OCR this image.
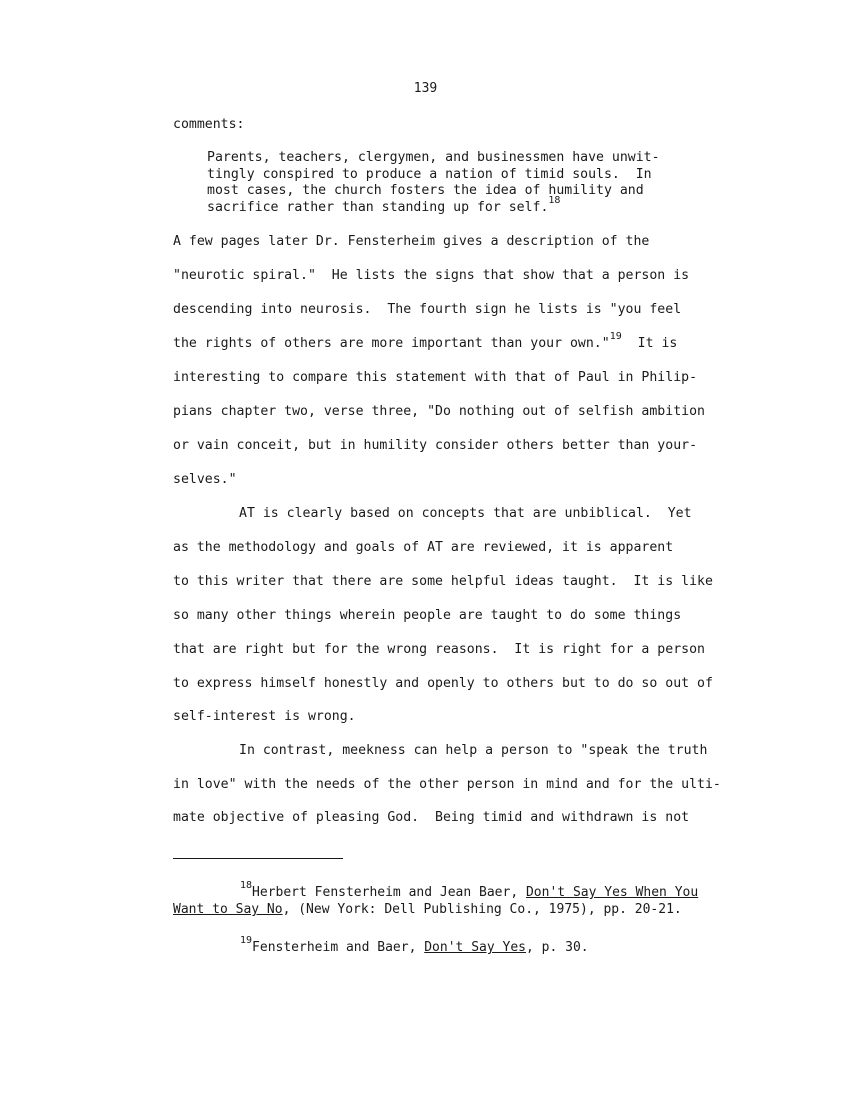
139
comments:
Parents, teachers, clergymen, and businessmen have unwit-
tingly conspired to produce a nation of timid souls.  In
most cases, the church fosters the idea of humility and
sacrifice rather than standing up for self.$^{18}$
A few pages later Dr. Fensterheim gives a description of the
"neurotic spiral."  He lists the signs that show that a person is
descending into neurosis.  The fourth sign he lists is "you feel
the rights of others are more important than your own."$^{19}$ It is
interesting to compare this statement with that of Paul in Philip-
pians chapter two, verse three, "Do nothing out of selfish ambition
or vain conceit, but in humility consider others better than your-
selves."
AT is clearly based on concepts that are unbiblical.  Yet
as the methodology and goals of AT are reviewed, it is apparent
to this writer that there are some helpful ideas taught.  It is like
so many other things wherein people are taught to do some things
that are right but for the wrong reasons.  It is right for a person
to express himself honestly and openly to others but to do so out of
self-interest is wrong.
In contrast, meekness can help a person to "speak the truth
in love" with the needs of the other person in mind and for the ulti-
mate objective of pleasing God.  Being timid and withdrawn is not
$^{18}$Herbert Fensterheim and Jean Baer, Don't Say Yes When You
Want to Say No, (New York: Dell Publishing Co., 1975), pp. 20-21.
$^{19}$Fensterheim and Baer, Don't Say Yes, p. 30.
